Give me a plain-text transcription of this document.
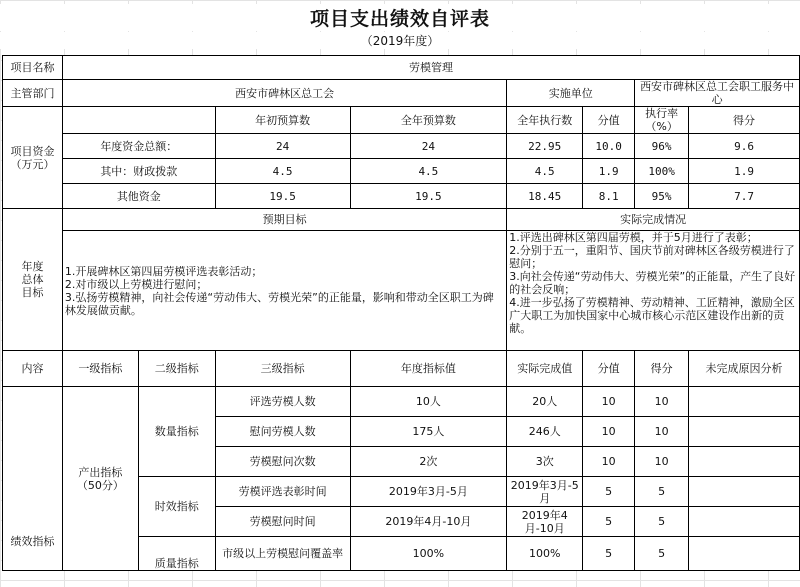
项目支出绩效自评表
（2019年度）
项目名称	劳模管理							
主管部门	西安市碑林区总工会				实施单位		西安市碑林区总工会职工服务中心	

项目资金
（万元）			年初预算数	全年预算数	全年执行数	分值	执行率（%）	得分
	年度资金总额：		24	24	22.95	10.0	96%	9.6
	其中：财政拨款		4.5	4.5	4.5	1.9	100%	1.9
	其他资金		19.5	19.5	18.45	8.1	95%	7.7

年度
总体
目标	预期目标				实际完成情况			

	1.开展碑林区第四届劳模评选表彰活动；
2.对市级以上劳模进行慰问；
3.弘扬劳模精神，向社会传递“劳动伟大、劳模光荣”的正能量，影响和带动全区职工为碑林发展做贡献。				1.评选出碑林区第四届劳模，并于5月进行了表彰；
2.分别于五一，重阳节、国庆节前对碑林区各级劳模进行了慰问；
3.向社会传递“劳动伟大、劳模光荣”的正能量，产生了良好的社会反响；
4.进一步弘扬了劳模精神、劳动精神、工匠精神，激励全区广大职工为加快国家中心城市核心示范区建设作出新的贡献。			

内容	一级指标	二级指标	三级指标	年度指标值	实际完成值	分值	得分	未完成原因分析
绩效指标	产出指标
（50分）	数量指标	评选劳模人数	10人	20人	10	10	
			慰问劳模人数	175人	246人	10	10	
			劳模慰问次数	2次	3次	10	10	
		时效指标	劳模评选表彰时间	2019年3月-5月	2019年3月-5月	5	5	
			劳模慰问时间	2019年4月-10月	2019年4月-10月	5	5	
		质量指标	市级以上劳模慰问覆盖率	100%	100%	5	5	
